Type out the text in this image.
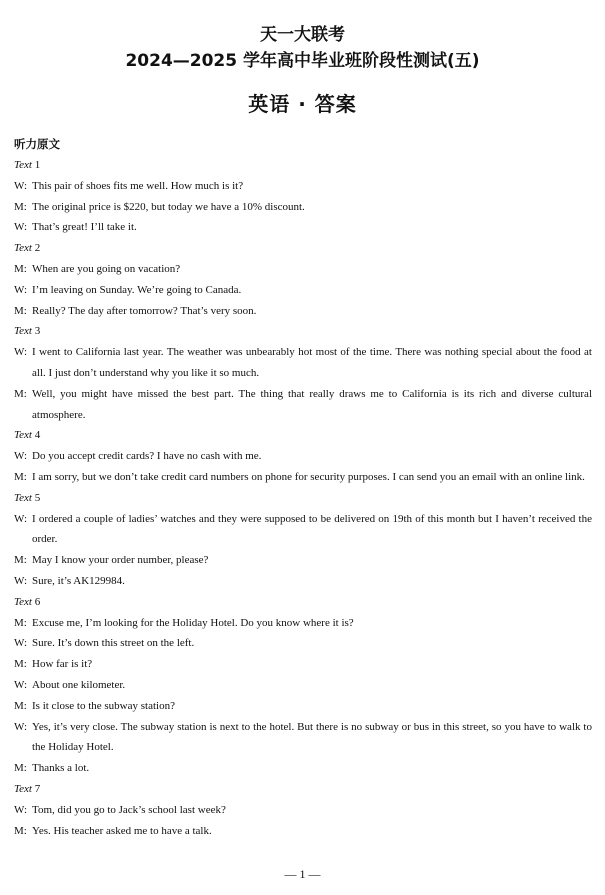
天一大联考
2024—2025 学年高中毕业班阶段性测试(五)
英语 · 答案
听力原文
Text 1
W: This pair of shoes fits me well. How much is it?
M: The original price is $220, but today we have a 10% discount.
W: That’s great! I’ll take it.
Text 2
M: When are you going on vacation?
W: I’m leaving on Sunday. We’re going to Canada.
M: Really? The day after tomorrow? That’s very soon.
Text 3
W: I went to California last year. The weather was unbearably hot most of the time. There was nothing special about the food at all. I just don’t understand why you like it so much.
M: Well, you might have missed the best part. The thing that really draws me to California is its rich and diverse cultural atmosphere.
Text 4
W: Do you accept credit cards? I have no cash with me.
M: I am sorry, but we don’t take credit card numbers on phone for security purposes. I can send you an email with an online link.
Text 5
W: I ordered a couple of ladies’ watches and they were supposed to be delivered on 19th of this month but I haven’t received the order.
M: May I know your order number, please?
W: Sure, it’s AK129984.
Text 6
M: Excuse me, I’m looking for the Holiday Hotel. Do you know where it is?
W: Sure. It’s down this street on the left.
M: How far is it?
W: About one kilometer.
M: Is it close to the subway station?
W: Yes, it’s very close. The subway station is next to the hotel. But there is no subway or bus in this street, so you have to walk to the Holiday Hotel.
M: Thanks a lot.
Text 7
W: Tom, did you go to Jack’s school last week?
M: Yes. His teacher asked me to have a talk.
— 1 —
